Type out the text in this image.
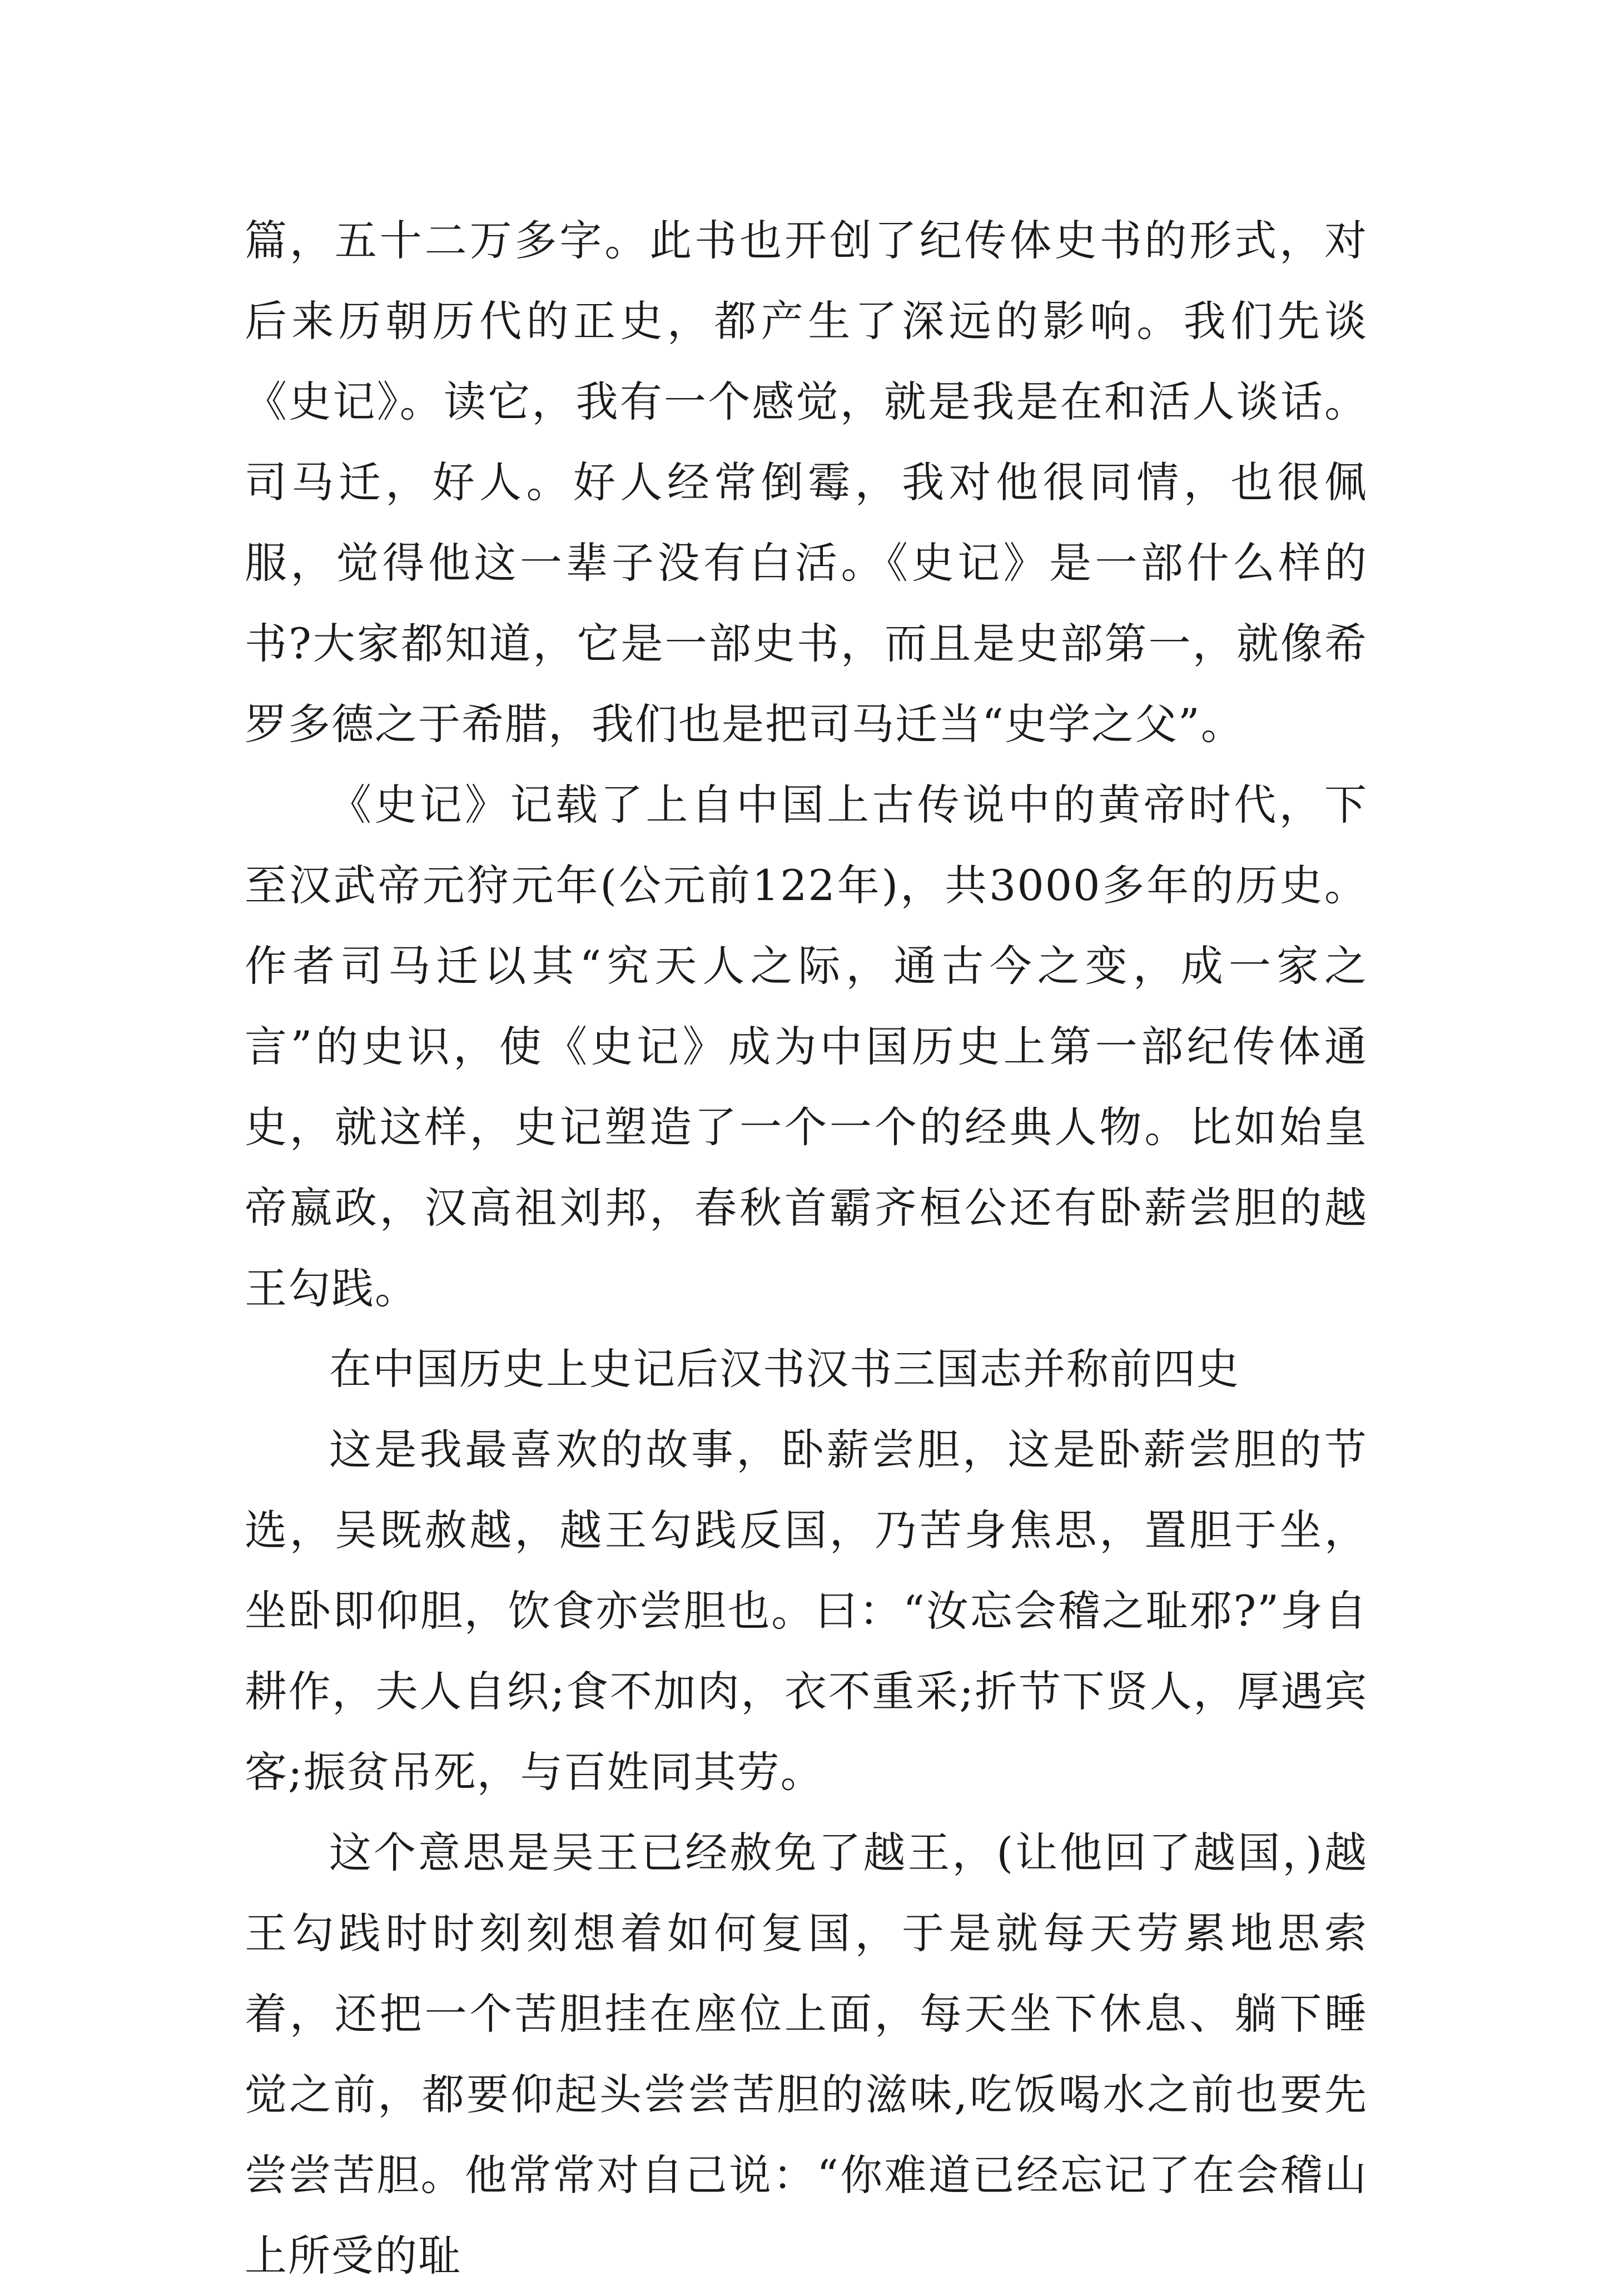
篇，五十二万多字。此书也开创了纪传体史书的形式，对后来历朝历代的正史，都产生了深远的影响。我们先谈《史记》。读它，我有一个感觉，就是我是在和活人谈话。司马迁，好人。好人经常倒霉，我对他很同情，也很佩服，觉得他这一辈子没有白活。《史记》是一部什么样的书?大家都知道，它是一部史书，而且是史部第一，就像希罗多德之于希腊，我们也是把司马迁当“史学之父”。

《史记》记载了上自中国上古传说中的黄帝时代，下至汉武帝元狩元年(公元前122年)，共3000多年的历史。作者司马迁以其“究天人之际，通古今之变，成一家之言”的史识，使《史记》成为中国历史上第一部纪传体通史，就这样，史记塑造了一个一个的经典人物。比如始皇帝嬴政，汉高祖刘邦，春秋首霸齐桓公还有卧薪尝胆的越王勾践。

在中国历史上史记后汉书汉书三国志并称前四史

这是我最喜欢的故事，卧薪尝胆，这是卧薪尝胆的节选，吴既赦越，越王勾践反国，乃苦身焦思，置胆于坐，坐卧即仰胆，饮食亦尝胆也。曰：“汝忘会稽之耻邪?”身自耕作，夫人自织;食不加肉，衣不重采;折节下贤人，厚遇宾客;振贫吊死，与百姓同其劳。

这个意思是吴王已经赦免了越王，(让他回了越国，)越王勾践时时刻刻想着如何复国，于是就每天劳累地思索着，还把一个苦胆挂在座位上面，每天坐下休息、躺下睡觉之前，都要仰起头尝尝苦胆的滋味,吃饭喝水之前也要先尝尝苦胆。他常常对自己说：“你难道已经忘记了在会稽山上所受的耻
